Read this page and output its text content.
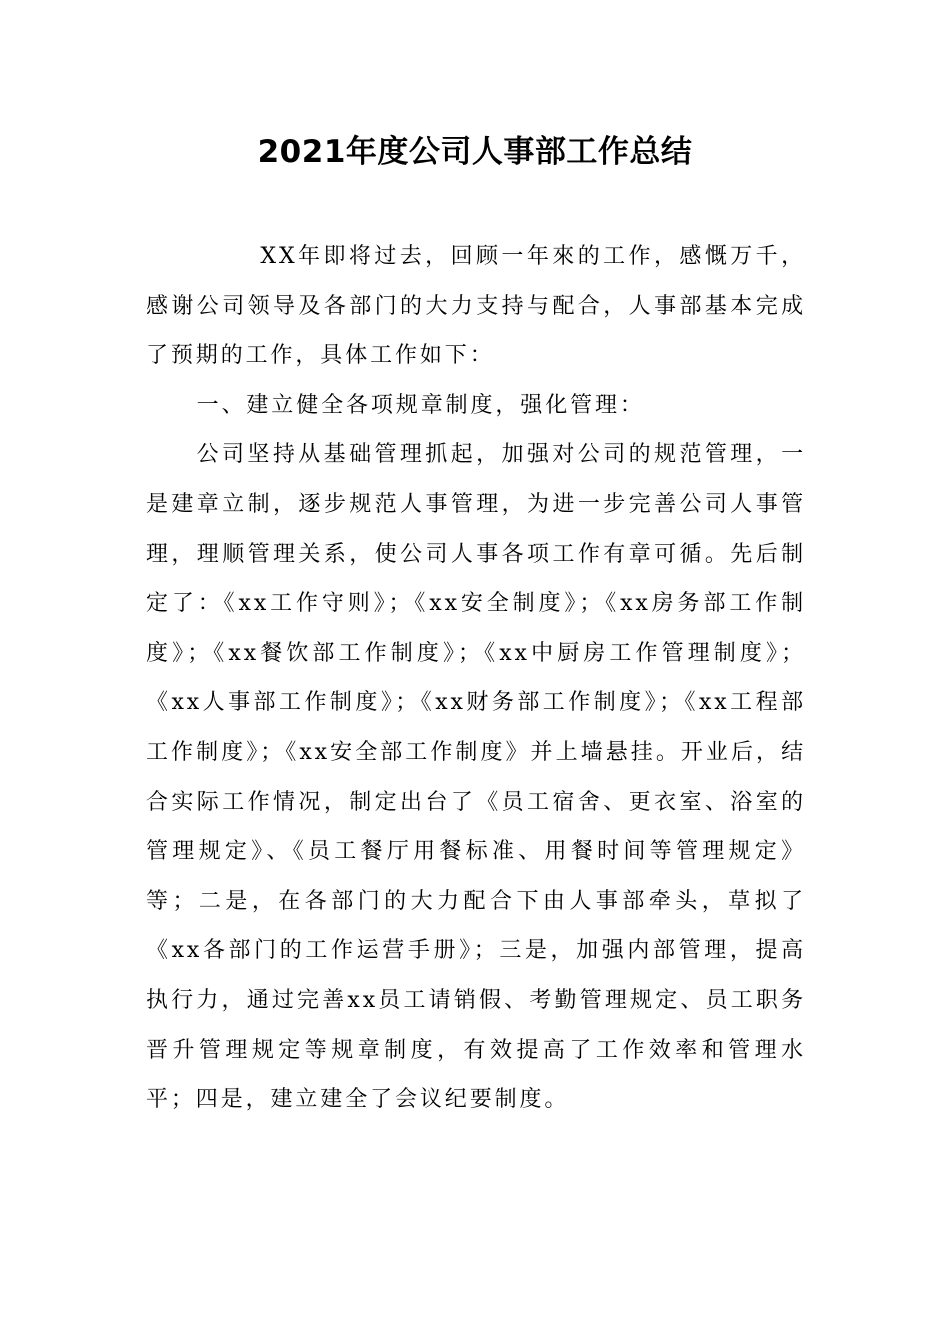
2021年度公司人事部工作总结

XX年即将过去，回顾一年來的工作，感慨万千，感谢公司领导及各部门的大力支持与配合，人事部基本完成了预期的工作，具体工作如下：

一、建立健全各项规章制度，强化管理：

公司坚持从基础管理抓起，加强对公司的规范管理，一是建章立制，逐步规范人事管理，为进一步完善公司人事管理，理顺管理关系，使公司人事各项工作有章可循。先后制定了：《xx工作守则》；《xx安全制度》；《xx房务部工作制度》；《xx餐饮部工作制度》；《xx中厨房工作管理制度》；《xx人事部工作制度》；《xx财务部工作制度》；《xx工程部工作制度》；《xx安全部工作制度》并上墙悬挂。开业后，结合实际工作情况，制定出台了《员工宿舍、更衣室、浴室的管理规定》、《员工餐厅用餐标准、用餐时间等管理规定》等；二是，在各部门的大力配合下由人事部牵头，草拟了《xx各部门的工作运营手册》；三是，加强内部管理，提高执行力，通过完善xx员工请销假、考勤管理规定、员工职务晋升管理规定等规章制度，有效提高了工作效率和管理水平；四是，建立建全了会议纪要制度。
